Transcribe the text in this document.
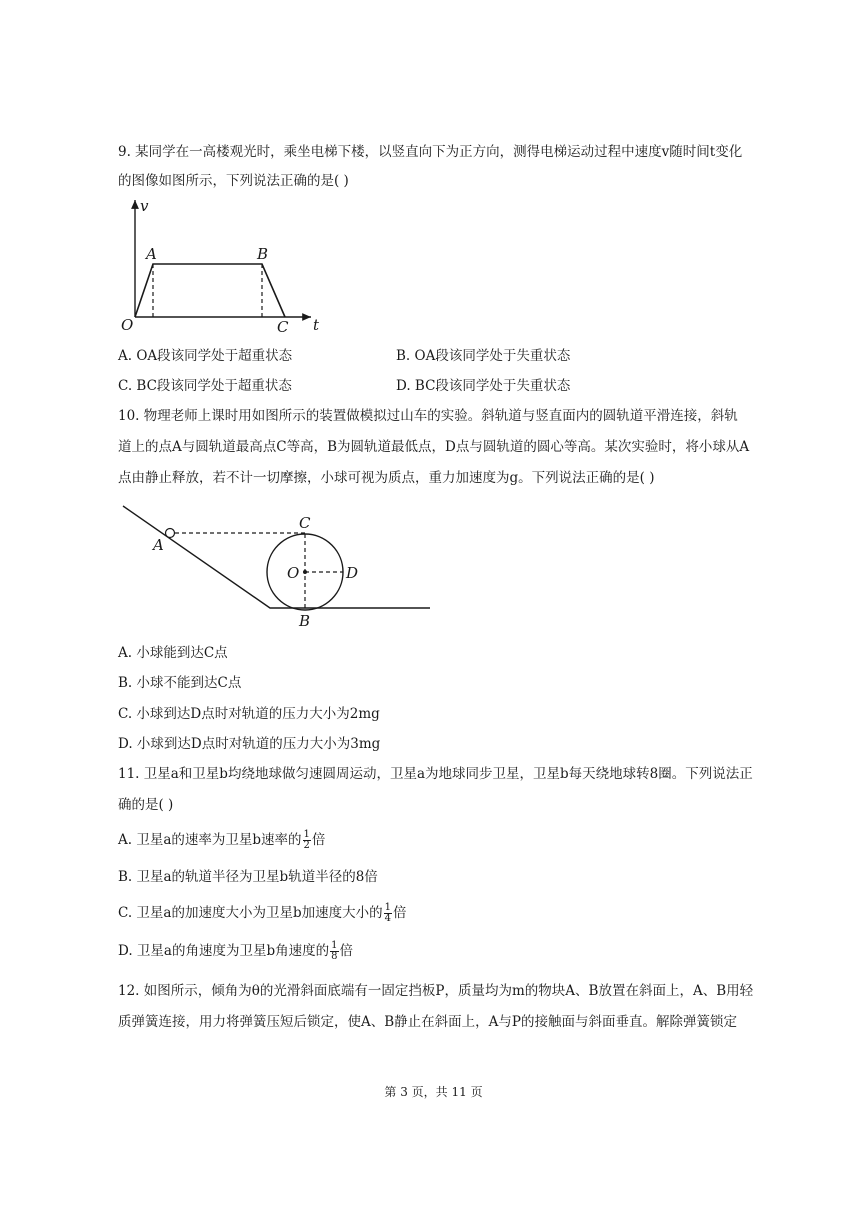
9. 某同学在一高楼观光时，乘坐电梯下楼，以竖直向下为正方向，测得电梯运动过程中速度v随时间t变化
的图像如图所示，下列说法正确的是( )
v
t
O
A	B
C
A. OA段该同学处于超重状态	B. OA段该同学处于失重状态
C. BC段该同学处于超重状态	D. BC段该同学处于失重状态
10. 物理老师上课时用如图所示的装置做模拟过山车的实验。斜轨道与竖直面内的圆轨道平滑连接，斜轨
道上的点A与圆轨道最高点C等高，B为圆轨道最低点，D点与圆轨道的圆心等高。某次实验时，将小球从A
点由静止释放，若不计一切摩擦，小球可视为质点，重力加速度为g。下列说法正确的是( )
A
C
O	D
B
A. 小球能到达C点
B. 小球不能到达C点
C. 小球到达D点时对轨道的压力大小为2mg
D. 小球到达D点时对轨道的压力大小为3mg
11. 卫星a和卫星b均绕地球做匀速圆周运动，卫星a为地球同步卫星，卫星b每天绕地球转8圈。下列说法正
确的是( )
A. 卫星a的速率为卫星b速率的 $\frac{1}{2}$ 倍
B. 卫星a的轨道半径为卫星b轨道半径的8倍
C. 卫星a的加速度大小为卫星b加速度大小的 $\frac{1}{4}$ 倍
D. 卫星a的角速度为卫星b角速度的 $\frac{1}{8}$ 倍
12. 如图所示，倾角为θ的光滑斜面底端有一固定挡板P，质量均为m的物块A、B放置在斜面上，A、B用轻
质弹簧连接，用力将弹簧压短后锁定，使A、B静止在斜面上，A与P的接触面与斜面垂直。解除弹簧锁定
第 3 页，共 11 页
